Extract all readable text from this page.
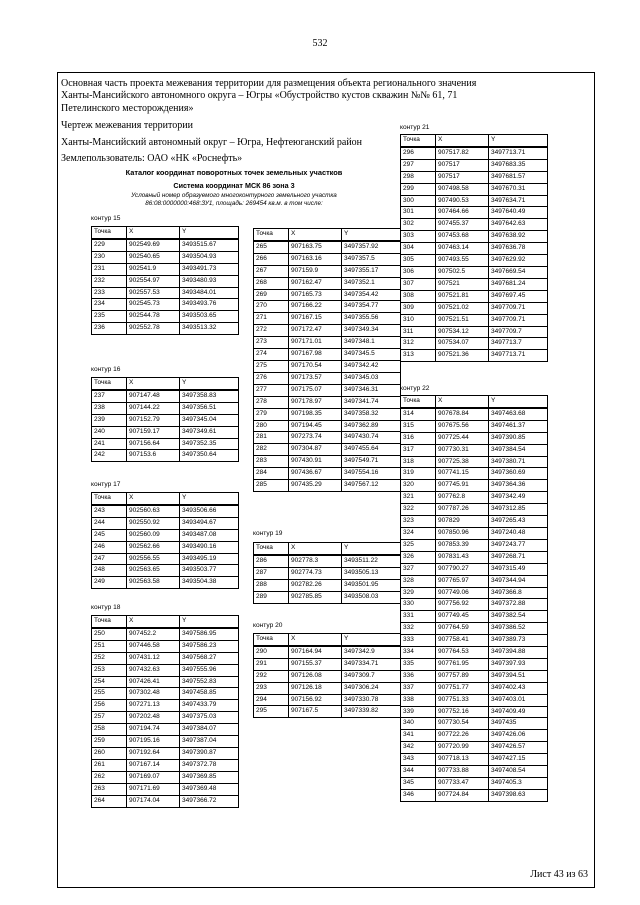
532
Основная часть проекта межевания территории для размещения объекта регионального значения
Ханты-Мансийского автономного округа – Югры «Обустройство кустов скважин №№ 61, 71
Петелинского месторождения»
Чертеж межевания территории
Ханты-Мансийский автономный округ – Югра, Нефтеюганский район
Землепользователь: ОАО «НК «Роснефть»
Каталог координат поворотных точек земельных участков
Система координат МСК 86 зона 3
Условный номер образуемого многоконтурного земельного участка
86:08:0000000:468:ЗУ1, площадь: 269454 кв.м. в том числе:
контур 15
Точка	X	Y
229	902549.69	3493515.67
230	902540.65	3493504.93
231	902541.9	3493491.73
232	902554.97	3493480.93
233	902557.53	3493484.01
234	902545.73	3493493.76
235	902544.78	3493503.65
236	902552.78	3493513.32
контур 16
Точка	X	Y
237	907147.48	3497358.83
238	907144.22	3497356.51
239	907152.79	3497345.04
240	907159.17	3497349.61
241	907156.64	3497352.35
242	907153.6	3497350.64
контур 17
Точка	X	Y
243	902560.63	3493506.66
244	902550.92	3493494.67
245	902560.09	3493487.08
246	902562.66	3493490.16
247	902556.55	3493495.19
248	902563.65	3493503.77
249	902563.58	3493504.38
контур 18
Точка	X	Y
250	907452.2	3497586.95
251	907446.58	3497586.23
252	907431.12	3497568.27
253	907432.63	3497555.96
254	907426.41	3497552.83
255	907302.48	3497458.85
256	907271.13	3497433.79
257	907202.48	3497375.03
258	907194.74	3497384.07
259	907195.16	3497387.04
260	907192.64	3497390.87
261	907167.14	3497372.78
262	907169.07	3497369.85
263	907171.69	3497369.48
264	907174.04	3497366.72
Точка	X	Y
265	907163.75	3497357.92
266	907163.16	3497357.5
267	907159.9	3497355.17
268	907162.47	3497352.1
269	907165.73	3497354.42
270	907166.22	3497354.77
271	907167.15	3497355.56
272	907172.47	3497349.34
273	907171.01	3497348.1
274	907167.98	3497345.5
275	907170.54	3497342.42
276	907173.57	3497345.03
277	907175.07	3497346.31
278	907178.97	3497341.74
279	907198.35	3497358.32
280	907194.45	3497362.89
281	907273.74	3497430.74
282	907304.87	3497455.64
283	907430.91	3497549.71
284	907436.67	3497554.16
285	907435.29	3497567.12
контур 19
Точка	X	Y
286	902778.3	3493511.22
287	902774.73	3493505.13
288	902782.26	3493501.95
289	902785.85	3493508.03
контур 20
Точка	X	Y
290	907164.94	3497342.9
291	907155.37	3497334.71
292	907126.08	3497309.7
293	907126.18	3497306.24
294	907156.92	3497330.78
295	907167.5	3497339.82
контур 21
Точка	X	Y
296	907517.82	3497713.71
297	907517	3497683.35
298	907517	3497681.57
299	907498.58	3497670.31
300	907490.53	3497634.71
301	907464.66	3497640.49
302	907455.37	3497642.63
303	907453.68	3497638.92
304	907463.14	3497636.78
305	907493.55	3497629.92
306	907502.5	3497669.54
307	907521	3497681.24
308	907521.81	3497697.45
309	907521.02	3497709.71
310	907521.51	3497709.71
311	907534.12	3497709.7
312	907534.07	3497713.7
313	907521.36	3497713.71
контур 22
Точка	X	Y
314	907678.84	3497463.68
315	907675.56	3497461.37
316	907725.44	3497390.85
317	907730.31	3497384.54
318	907725.38	3497380.71
319	907741.15	3497360.69
320	907745.91	3497364.36
321	907762.8	3497342.49
322	907787.26	3497312.85
323	907829	3497265.43
324	907850.96	3497240.48
325	907853.39	3497243.77
326	907831.43	3497268.71
327	907790.27	3497315.49
328	907765.97	3497344.94
329	907749.06	3497366.8
330	907756.92	3497372.88
331	907749.45	3497382.54
332	907764.59	3497386.52
333	907758.41	3497389.73
334	907764.53	3497394.88
335	907761.95	3497397.93
336	907757.89	3497394.51
337	907751.77	3497402.43
338	907751.33	3497403.01
339	907752.16	3497409.49
340	907730.54	3497435
341	907722.26	3497426.06
342	907720.99	3497426.57
343	907718.13	3497427.15
344	907733.88	3497408.54
345	907733.47	3497405.3
346	907724.84	3497398.63
Лист 43 из 63
